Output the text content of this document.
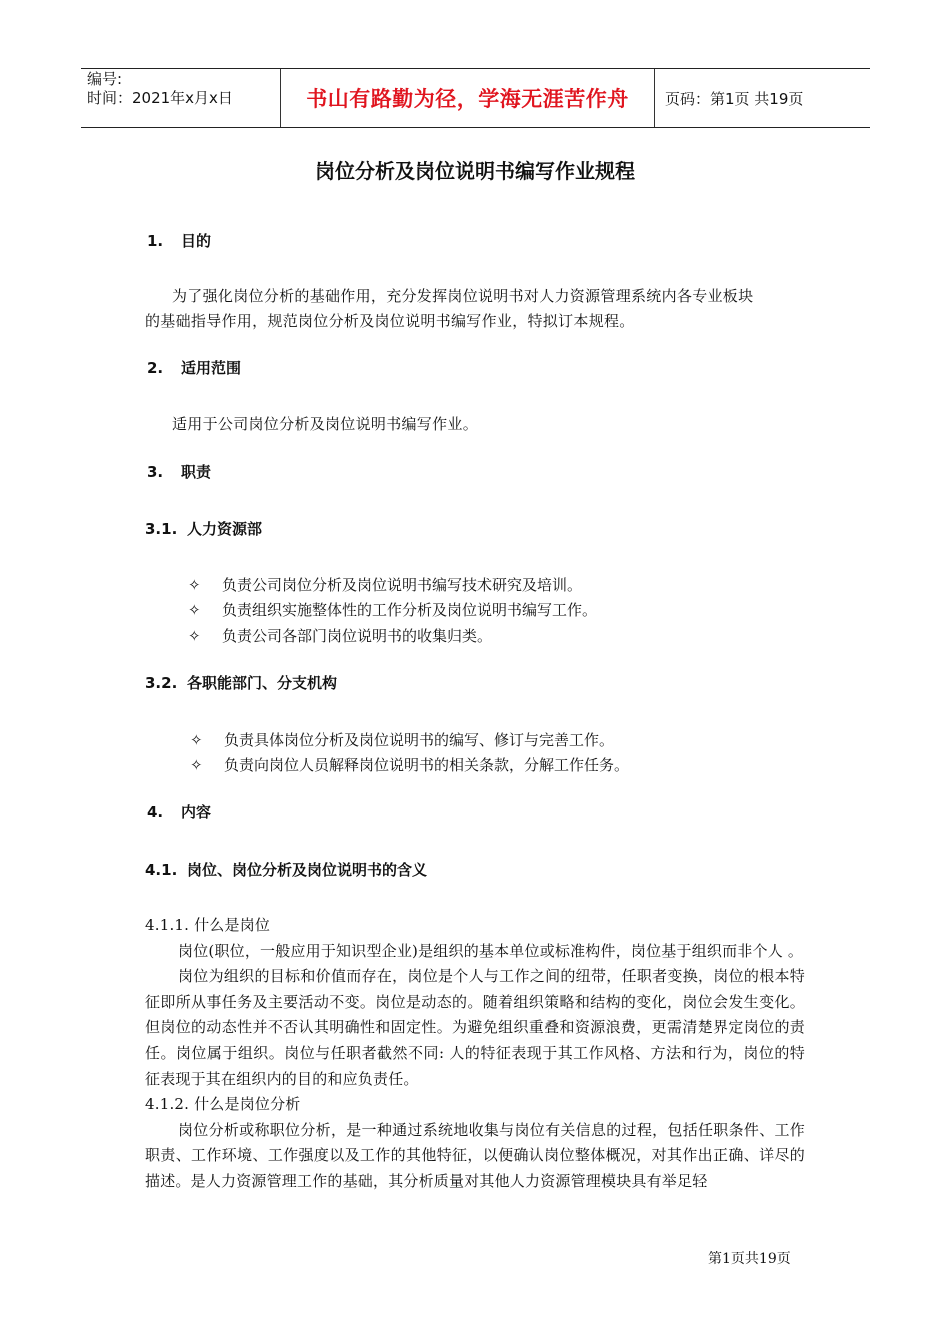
编号:
时间：2021年x月x日	书山有路勤为径，学海无涯苦作舟	页码：第1页 共19页
岗位分析及岗位说明书编写作业规程
1. 目的
为了强化岗位分析的基础作用，充分发挥岗位说明书对人力资源管理系统内各专业板块
的基础指导作用，规范岗位分析及岗位说明书编写作业，特拟订本规程。
2. 适用范围
适用于公司岗位分析及岗位说明书编写作业。
3. 职责
3.1. 人力资源部
✧ 负责公司岗位分析及岗位说明书编写技术研究及培训。
✧ 负责组织实施整体性的工作分析及岗位说明书编写工作。
✧ 负责公司各部门岗位说明书的收集归类。
3.2. 各职能部门、分支机构
✧ 负责具体岗位分析及岗位说明书的编写、修订与完善工作。
✧ 负责向岗位人员解释岗位说明书的相关条款，分解工作任务。
4. 内容
4.1. 岗位、岗位分析及岗位说明书的含义

4.1.1. 什么是岗位

岗位(职位，一般应用于知识型企业)是组织的基本单位或标准构件，岗位基于组织而非个人 。

岗位为组织的目标和价值而存在，岗位是个人与工作之间的纽带，任职者变换，岗位的根本特征即所从事任务及主要活动不变。岗位是动态的。随着组织策略和结构的变化，岗位会发生变化。但岗位的动态性并不否认其明确性和固定性。为避免组织重叠和资源浪费，更需清楚界定岗位的责任。岗位属于组织。岗位与任职者截然不同: 人的特征表现于其工作风格、方法和行为，岗位的特征表现于其在组织内的目的和应负责任。

4.1.2. 什么是岗位分析

岗位分析或称职位分析，是一种通过系统地收集与岗位有关信息的过程，包括任职条件、工作职责、工作环境、工作强度以及工作的其他特征，以便确认岗位整体概况，对其作出正确、详尽的描述。是人力资源管理工作的基础，其分析质量对其他人力资源管理模块具有举足轻

第1页共19页
